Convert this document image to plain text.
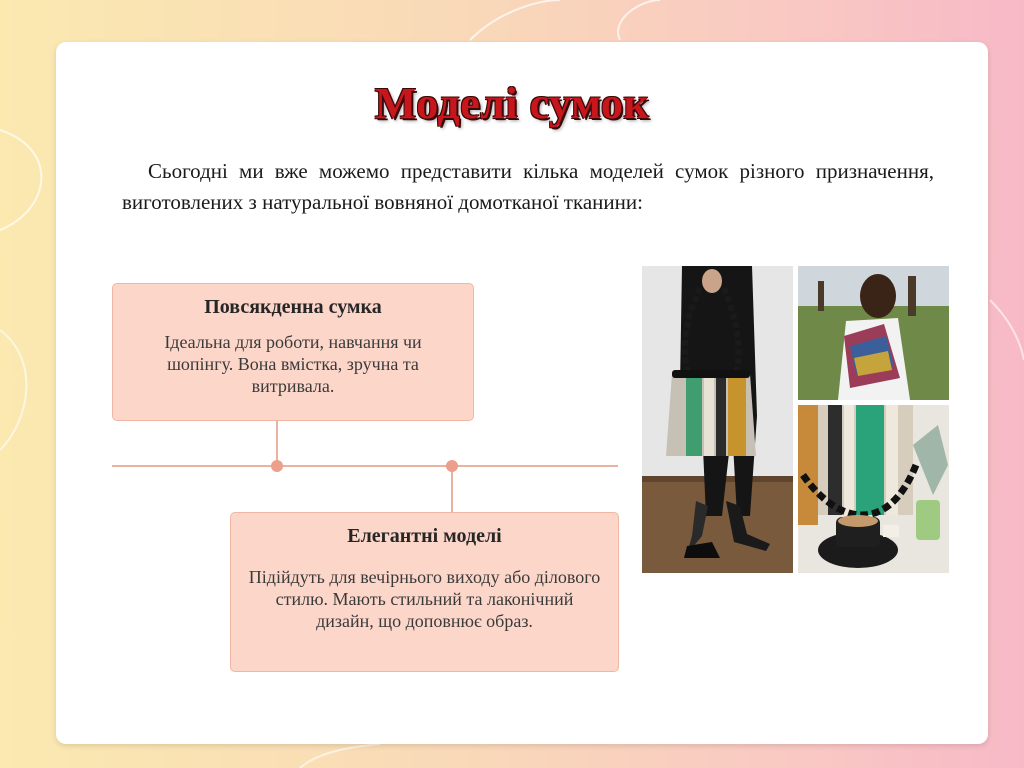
Моделі сумок
Сьогодні ми вже можемо представити кілька моделей сумок різного призначення, виготовлених з натуральної вовняної домотканої тканини:
Повсякденна сумка
Ідеальна для роботи, навчання чи шопінгу. Вона вмістка, зручна та витривала.
Елегантні моделі
Підійдуть для вечірнього виходу або ділового стилю. Мають стильний та лаконічний дизайн, що доповнює образ.
